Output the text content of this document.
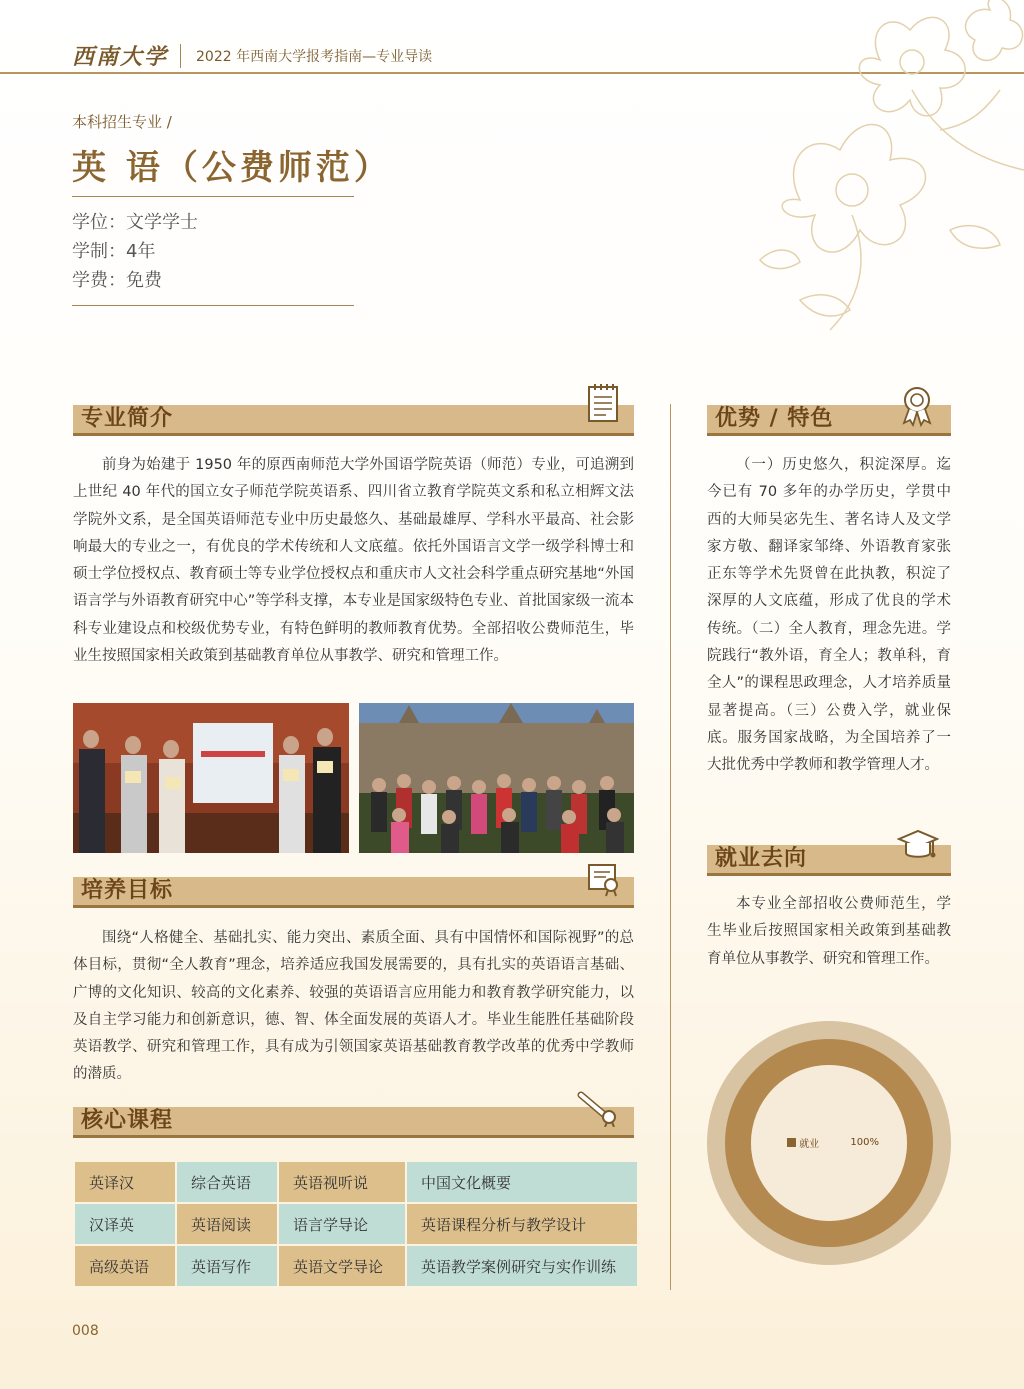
西南大学 2022 年西南大学报考指南—专业导读
本科招生专业 /
英 语（公费师范）
学位：文学学士
学制：4年
学费：免费
专业简介
前身为始建于 1950 年的原西南师范大学外国语学院英语（师范）专业，可追溯到上世纪 40 年代的国立女子师范学院英语系、四川省立教育学院英文系和私立相辉文法学院外文系，是全国英语师范专业中历史最悠久、基础最雄厚、学科水平最高、社会影响最大的专业之一，有优良的学术传统和人文底蕴。依托外国语言文学一级学科博士和硕士学位授权点、教育硕士等专业学位授权点和重庆市人文社会科学重点研究基地“外国语言学与外语教育研究中心”等学科支撑，本专业是国家级特色专业、首批国家级一流本科专业建设点和校级优势专业，有特色鲜明的教师教育优势。全部招收公费师范生，毕业生按照国家相关政策到基础教育单位从事教学、研究和管理工作。
培养目标
围绕“人格健全、基础扎实、能力突出、素质全面、具有中国情怀和国际视野”的总体目标，贯彻“全人教育”理念，培养适应我国发展需要的，具有扎实的英语语言基础、广博的文化知识、较高的文化素养、较强的英语语言应用能力和教育教学研究能力，以及自主学习能力和创新意识，德、智、体全面发展的英语人才。毕业生能胜任基础阶段英语教学、研究和管理工作，具有成为引领国家英语基础教育教学改革的优秀中学教师的潜质。
核心课程
英译汉	综合英语	英语视听说	中国文化概要
汉译英	英语阅读	语言学导论	英语课程分析与教学设计
高级英语	英语写作	英语文学导论	英语教学案例研究与实作训练
优势 / 特色
（一）历史悠久，积淀深厚。迄今已有 70 多年的办学历史，学贯中西的大师吴宓先生、著名诗人及文学家方敬、翻译家邹绛、外语教育家张正东等学术先贤曾在此执教，积淀了深厚的人文底蕴，形成了优良的学术传统。（二）全人教育，理念先进。学院践行“教外语，育全人；教单科，育全人”的课程思政理念，人才培养质量显著提高。（三）公费入学，就业保底。服务国家战略，为全国培养了一大批优秀中学教师和教学管理人才。
就业去向
本专业全部招收公费师范生，学生毕业后按照国家相关政策到基础教育单位从事教学、研究和管理工作。
就业	100%
008
